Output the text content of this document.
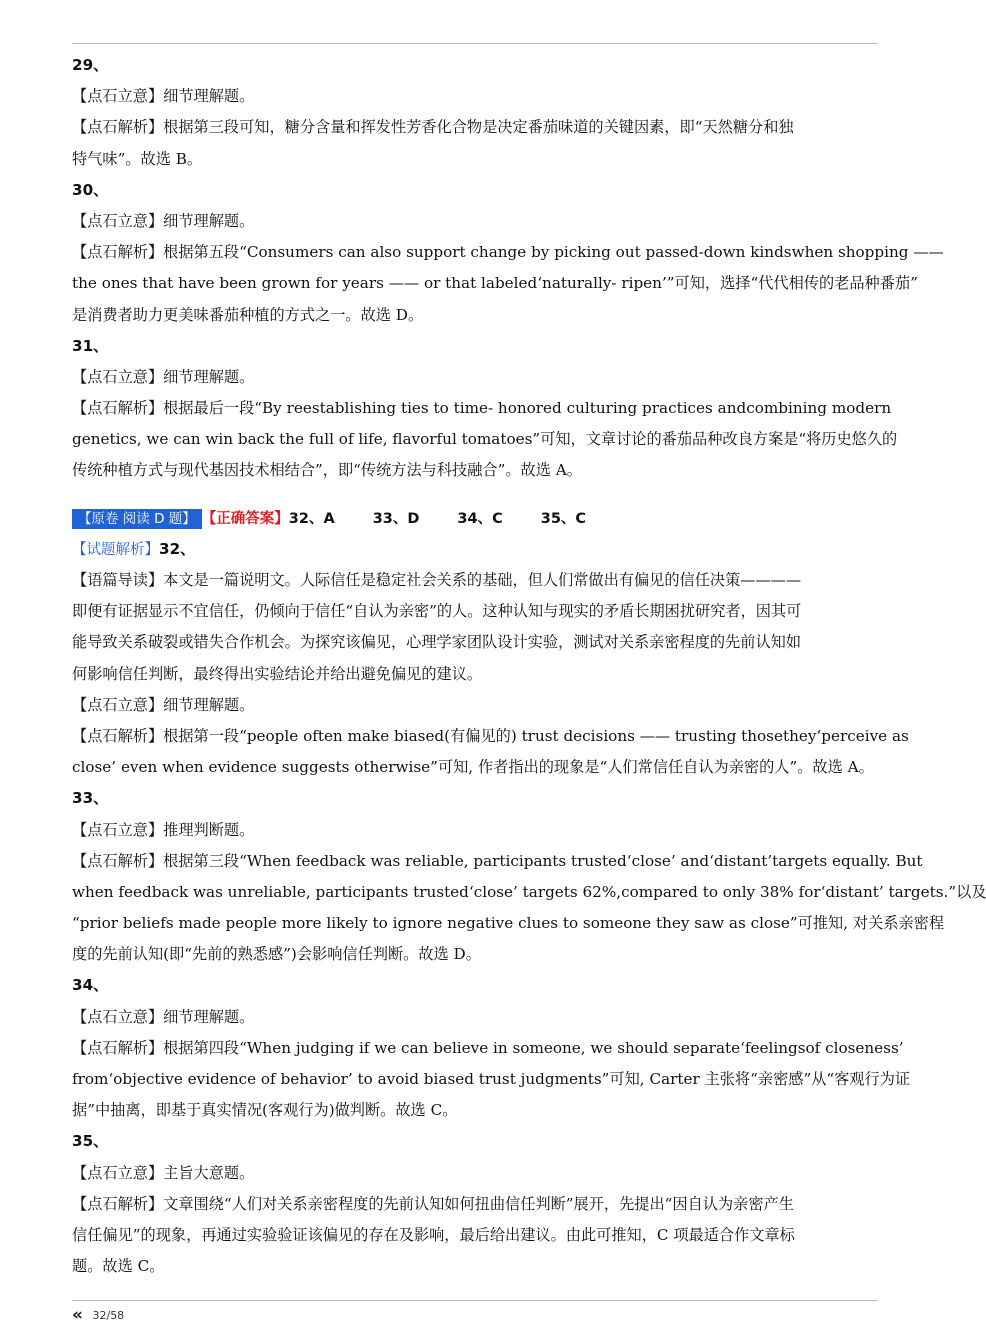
29、
【点石立意】细节理解题。
【点石解析】根据第三段可知，糖分含量和挥发性芳香化合物是决定番茄味道的关键因素，即“天然糖分和独
特气味”。故选 B。
30、
【点石立意】细节理解题。
【点石解析】根据第五段“Consumers can also support change by picking out passed-down kindswhen shopping ——
the ones that have been grown for years —— or that labeled‘naturally- ripen’”可知，选择“代代相传的老品种番茄”
是消费者助力更美味番茄种植的方式之一。故选 D。
31、
【点石立意】细节理解题。
【点石解析】根据最后一段“By reestablishing ties to time- honored culturing practices andcombining modern
genetics, we can win back the full of life, flavorful tomatoes”可知，文章讨论的番茄品种改良方案是“将历史悠久的
传统种植方式与现代基因技术相结合”，即“传统方法与科技融合”。故选 A。
【原卷 阅读 D 题】 【正确答案】32、A	33、D	34、C	35、C
【试题解析】32、
【语篇导读】本文是一篇说明文。人际信任是稳定社会关系的基础，但人们常做出有偏见的信任决策————
即便有证据显示不宜信任，仍倾向于信任“自认为亲密”的人。这种认知与现实的矛盾长期困扰研究者，因其可
能导致关系破裂或错失合作机会。为探究该偏见，心理学家团队设计实验，测试对关系亲密程度的先前认知如
何影响信任判断，最终得出实验结论并给出避免偏见的建议。
【点石立意】细节理解题。
【点石解析】根据第一段“people often make biased(有偏见的) trust decisions —— trusting thosethey‘perceive as
close’ even when evidence suggests otherwise”可知, 作者指出的现象是“人们常信任自认为亲密的人”。故选 A。
33、
【点石立意】推理判断题。
【点石解析】根据第三段“When feedback was reliable, participants trusted‘close’ and‘distant’targets equally. But
when feedback was unreliable, participants trusted‘close’ targets 62%,compared to only 38% for‘distant’ targets.”以及
“prior beliefs made people more likely to ignore negative clues to someone they saw as close”可推知, 对关系亲密程
度的先前认知(即“先前的熟悉感”)会影响信任判断。故选 D。
34、
【点石立意】细节理解题。
【点石解析】根据第四段“When judging if we can believe in someone, we should separate‘feelingsof closeness’
from‘objective evidence of behavior’ to avoid biased trust judgments”可知, Carter 主张将“亲密感”从“客观行为证
据”中抽离，即基于真实情况(客观行为)做判断。故选 C。
35、
【点石立意】主旨大意题。
【点石解析】文章围绕“人们对关系亲密程度的先前认知如何扭曲信任判断”展开，先提出“因自认为亲密产生
信任偏见”的现象，再通过实验验证该偏见的存在及影响，最后给出建议。由此可推知，C 项最适合作文章标
题。故选 C。
« 32/58
